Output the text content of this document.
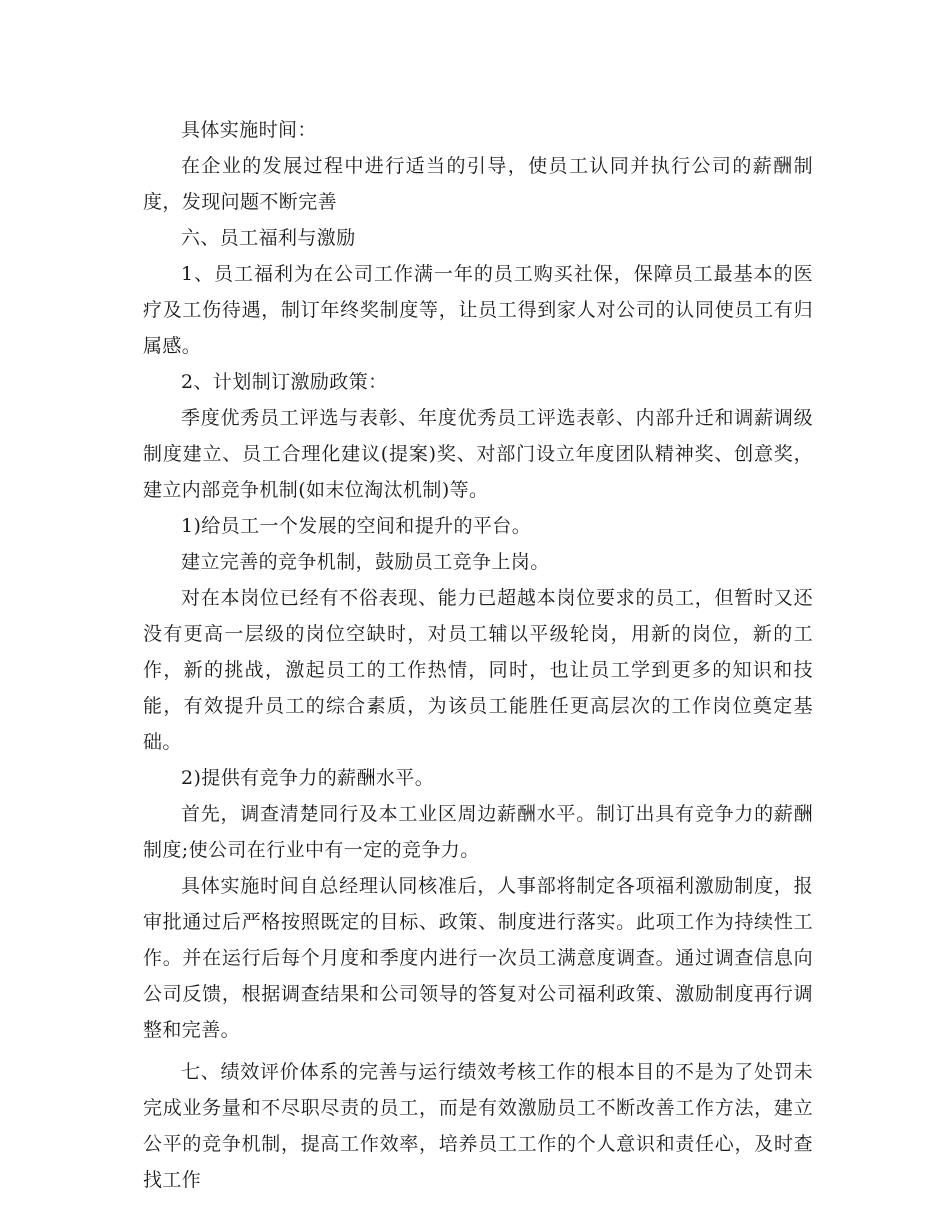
具体实施时间：

在企业的发展过程中进行适当的引导，使员工认同并执行公司的薪酬制度，发现问题不断完善

六、员工福利与激励

1、员工福利为在公司工作满一年的员工购买社保，保障员工最基本的医疗及工伤待遇，制订年终奖制度等，让员工得到家人对公司的认同使员工有归属感。

2、计划制订激励政策：

季度优秀员工评选与表彰、年度优秀员工评选表彰、内部升迁和调薪调级制度建立、员工合理化建议(提案)奖、对部门设立年度团队精神奖、创意奖，建立内部竞争机制(如末位淘汰机制)等。

1)给员工一个发展的空间和提升的平台。

建立完善的竞争机制，鼓励员工竞争上岗。

对在本岗位已经有不俗表现、能力已超越本岗位要求的员工，但暂时又还没有更高一层级的岗位空缺时，对员工辅以平级轮岗，用新的岗位，新的工作，新的挑战，激起员工的工作热情，同时，也让员工学到更多的知识和技能，有效提升员工的综合素质，为该员工能胜任更高层次的工作岗位奠定基础。

2)提供有竞争力的薪酬水平。

首先，调查清楚同行及本工业区周边薪酬水平。制订出具有竞争力的薪酬制度;使公司在行业中有一定的竞争力。

具体实施时间自总经理认同核准后，人事部将制定各项福利激励制度，报审批通过后严格按照既定的目标、政策、制度进行落实。此项工作为持续性工作。并在运行后每个月度和季度内进行一次员工满意度调查。通过调查信息向公司反馈，根据调查结果和公司领导的答复对公司福利政策、激励制度再行调整和完善。

七、绩效评价体系的完善与运行绩效考核工作的根本目的不是为了处罚未完成业务量和不尽职尽责的员工，而是有效激励员工不断改善工作方法，建立公平的竞争机制，提高工作效率，培养员工工作的个人意识和责任心，及时查找工作
